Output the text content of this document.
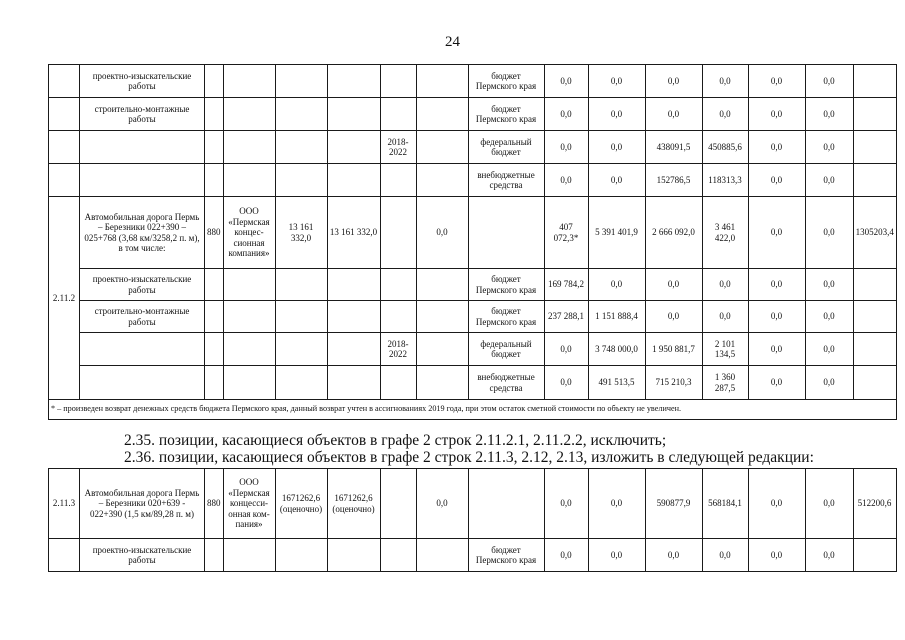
24
	проектно-изыскательские работы							бюджет Пермского края	0,0	0,0	0,0	0,0	0,0	0,0	
	строительно-монтажные работы							бюджет Пермского края	0,0	0,0	0,0	0,0	0,0	0,0	
						2018-2022		федеральный бюджет	0,0	0,0	438091,5	450885,6	0,0	0,0	
								внебюджетные средства	0,0	0,0	152786,5	118313,3	0,0	0,0	
2.11.2	Автомобильная дорога Пермь – Березники 022+390 – 025+768 (3,68 км/3258,2 п. м), в том числе:	880	ООО «Пермская концес-сионная компания»	13 161 332,0	13 161 332,0		0,0		407 072,3*	5 391 401,9	2 666 092,0	3 461 422,0	0,0	0,0	1305203,4
	проектно-изыскательские работы							бюджет Пермского края	169 784,2	0,0	0,0	0,0	0,0	0,0	
	строительно-монтажные работы							бюджет Пермского края	237 288,1	1 151 888,4	0,0	0,0	0,0	0,0	
						2018-2022		федеральный бюджет	0,0	3 748 000,0	1 950 881,7	2 101 134,5	0,0	0,0	
								внебюджетные средства	0,0	491 513,5	715 210,3	1 360 287,5	0,0	0,0	
* – произведен возврат денежных средств бюджета Пермского края, данный возврат учтен в ассигнованиях 2019 года, при этом остаток сметной стоимости по объекту не увеличен.															
2.35. позиции, касающиеся объектов в графе 2 строк 2.11.2.1, 2.11.2.2, исключить;
2.36. позиции, касающиеся объектов в графе 2 строк 2.11.3, 2.12, 2.13, изложить в следующей редакции:
2.11.3	Автомобильная дорога Пермь – Березники 020+639 - 022+390 (1,5 км/89,28 п. м)	880	ООО «Пермская концесси-онная ком-пания»	1671262,6 (оценочно)	1671262,6 (оценочно)		0,0		0,0	0,0	590877,9	568184,1	0,0	0,0	512200,6
	проектно-изыскательские работы							бюджет Пермского края	0,0	0,0	0,0	0,0	0,0	0,0	
